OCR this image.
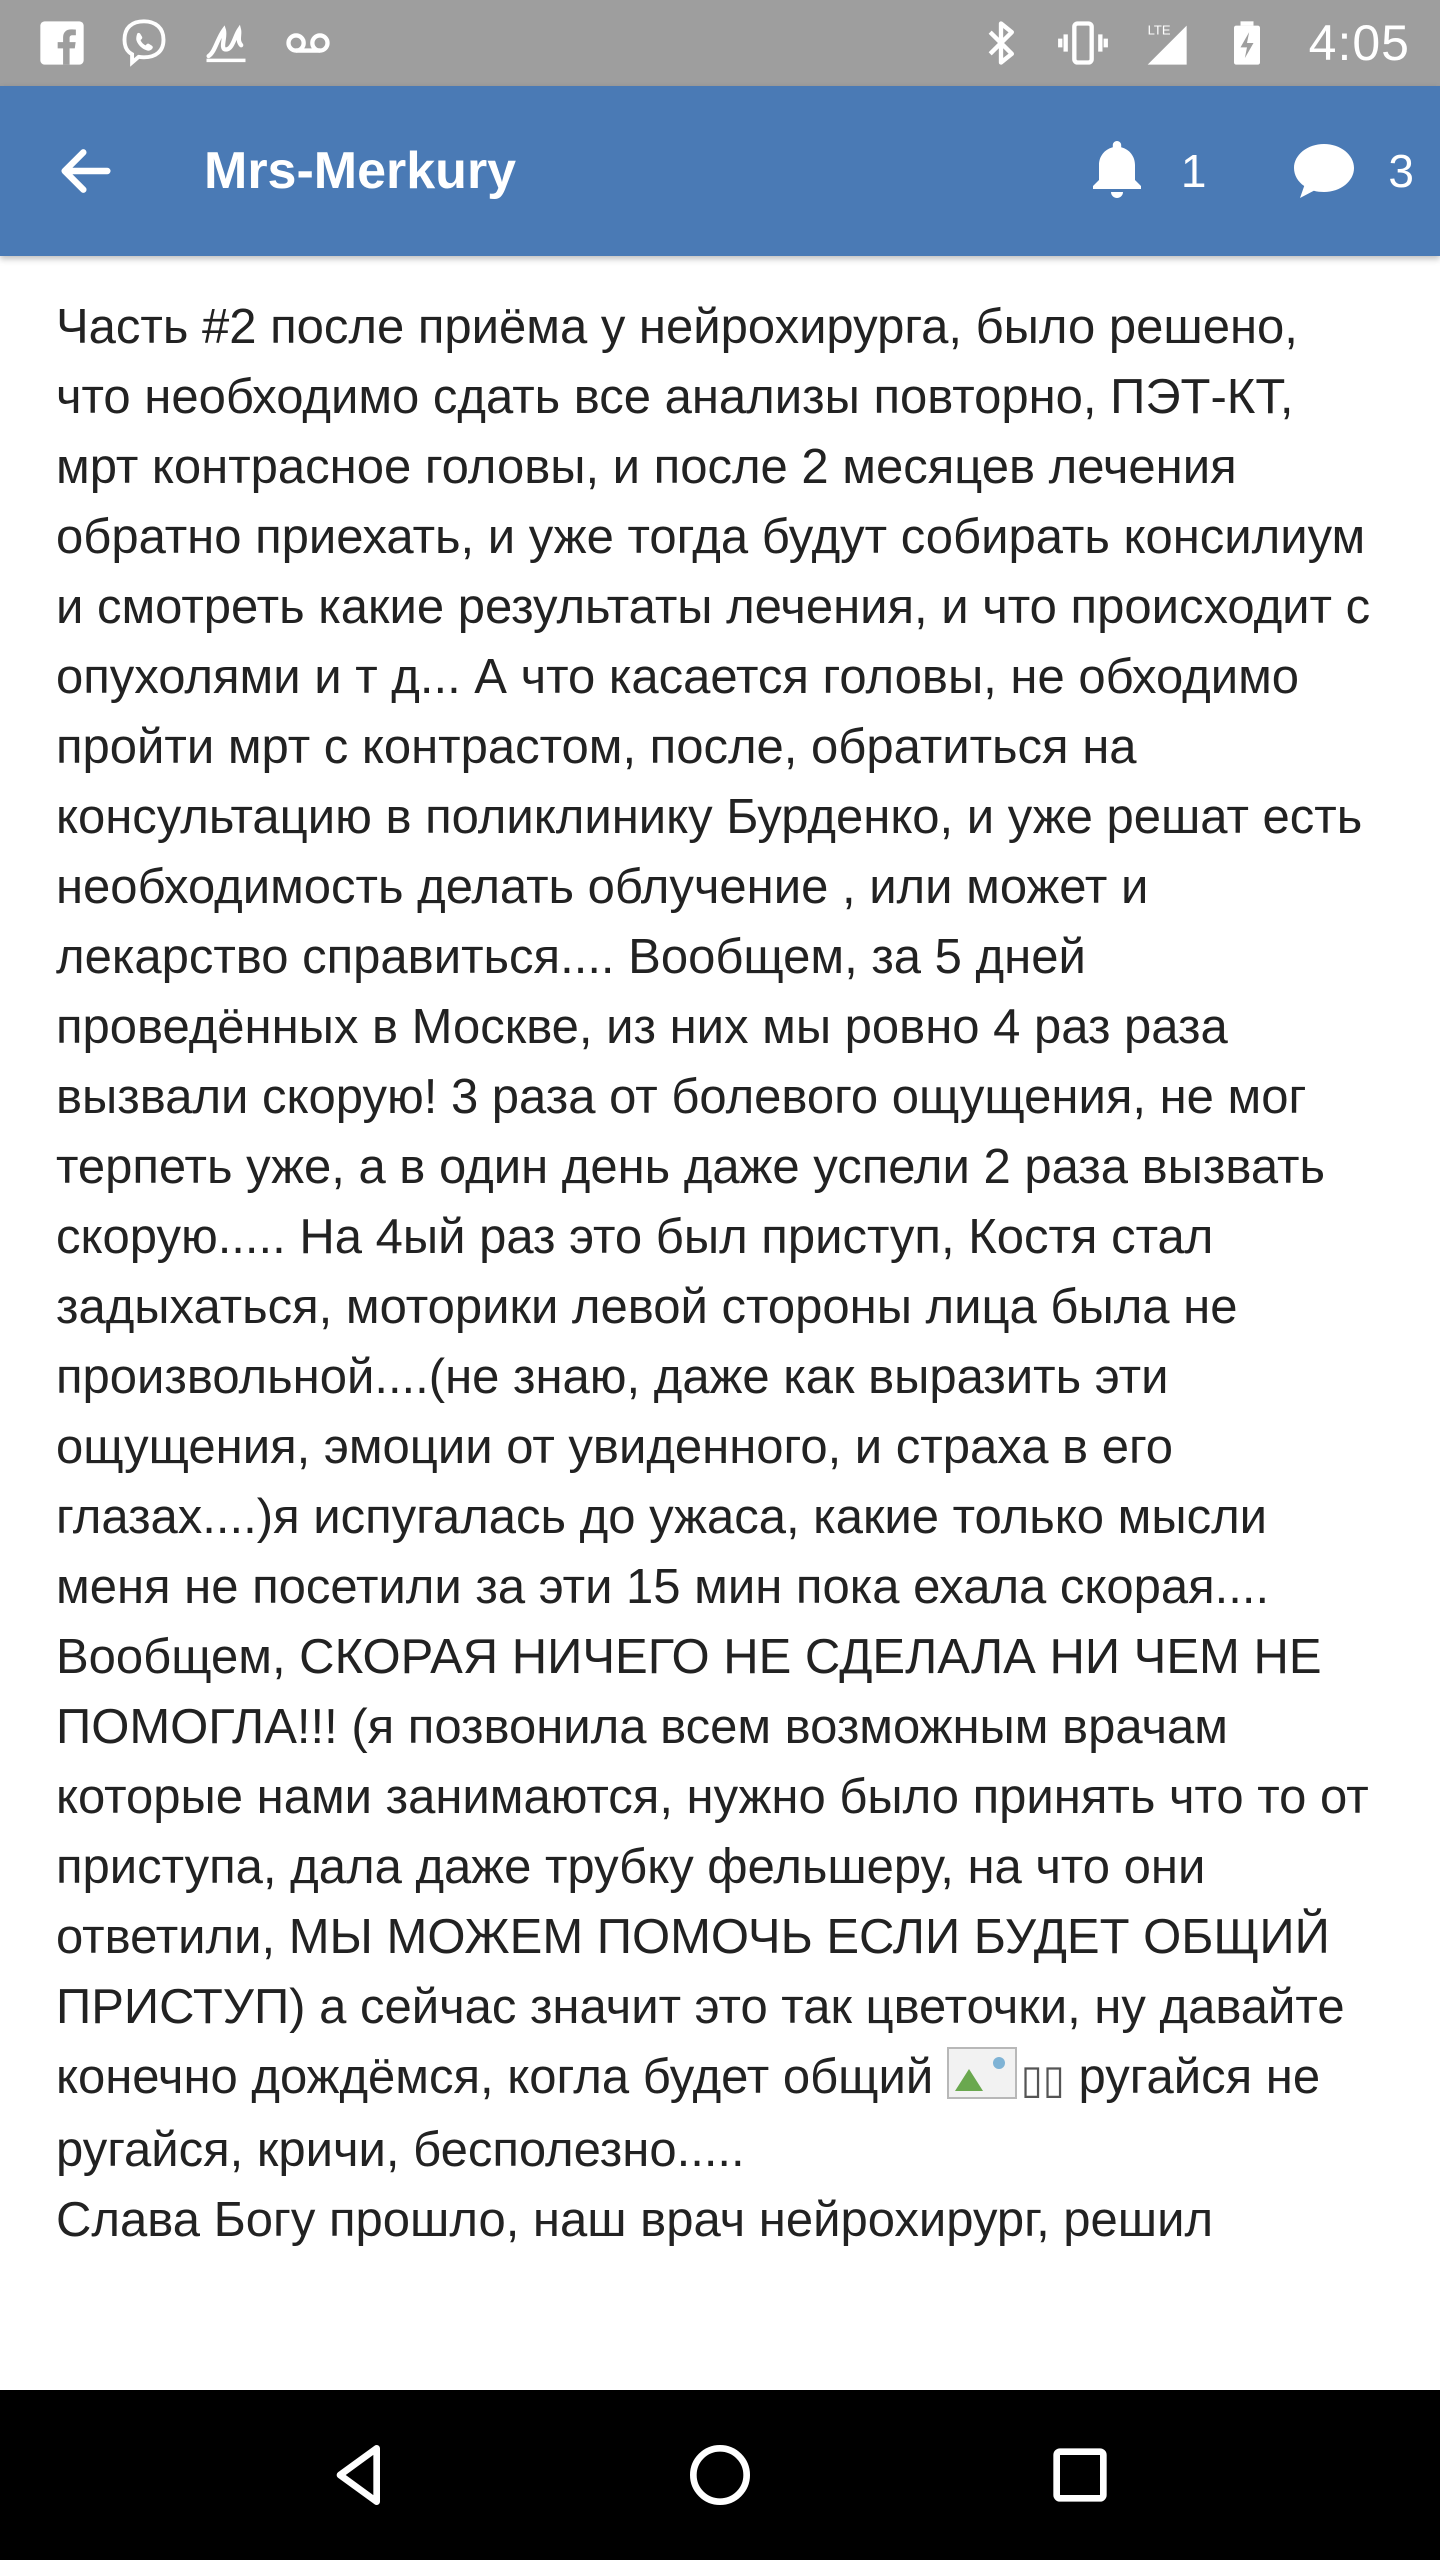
LTE	4:05
Mrs-Merkury	1	3
Часть #2 после приёма у нейрохирурга, было решено, что необходимо сдать все анализы повторно, ПЭТ-КТ, мрт контрасное головы, и после 2 месяцев лечения обратно приехать, и уже тогда будут собирать консилиум и смотреть какие результаты лечения, и что происходит с опухолями и т д... А что касается головы, не обходимо пройти мрт с контрастом, после, обратиться на консультацию в поликлинику Бурденко, и уже решат есть необходимость делать облучение , или может и лекарство справиться.... Вообщем, за 5 дней проведённых в Москве, из них мы ровно 4 раз раза вызвали скорую! 3 раза от болевого ощущения, не мог терпеть уже, а в один день даже успели 2 раза вызвать скорую..... На 4ый раз это был приступ, Костя стал задыхаться, моторики левой стороны лица была не произвольной....(не знаю, даже как выразить эти ощущения, эмоции от увиденного, и страха в его глазах....)я испугалась до ужаса, какие только мысли меня не посетили за эти 15 мин пока ехала скорая.... Вообщем, СКОРАЯ НИЧЕГО НЕ СДЕЛАЛА НИ ЧЕМ НЕ ПОМОГЛА!!! (я позвонила всем возможным врачам которые нами занимаются, нужно было принять что то от приступа, дала даже трубку фельшеру, на что они ответили, МЫ МОЖЕМ ПОМОЧЬ ЕСЛИ БУДЕТ ОБЩИЙ ПРИСТУП) а сейчас значит это так цветочки, ну давайте конечно дождёмся, когла будет общий ▯▯ ругайся не ругайся, кричи, бесполезно.....
Слава Богу прошло, наш врач нейрохирург, решил
